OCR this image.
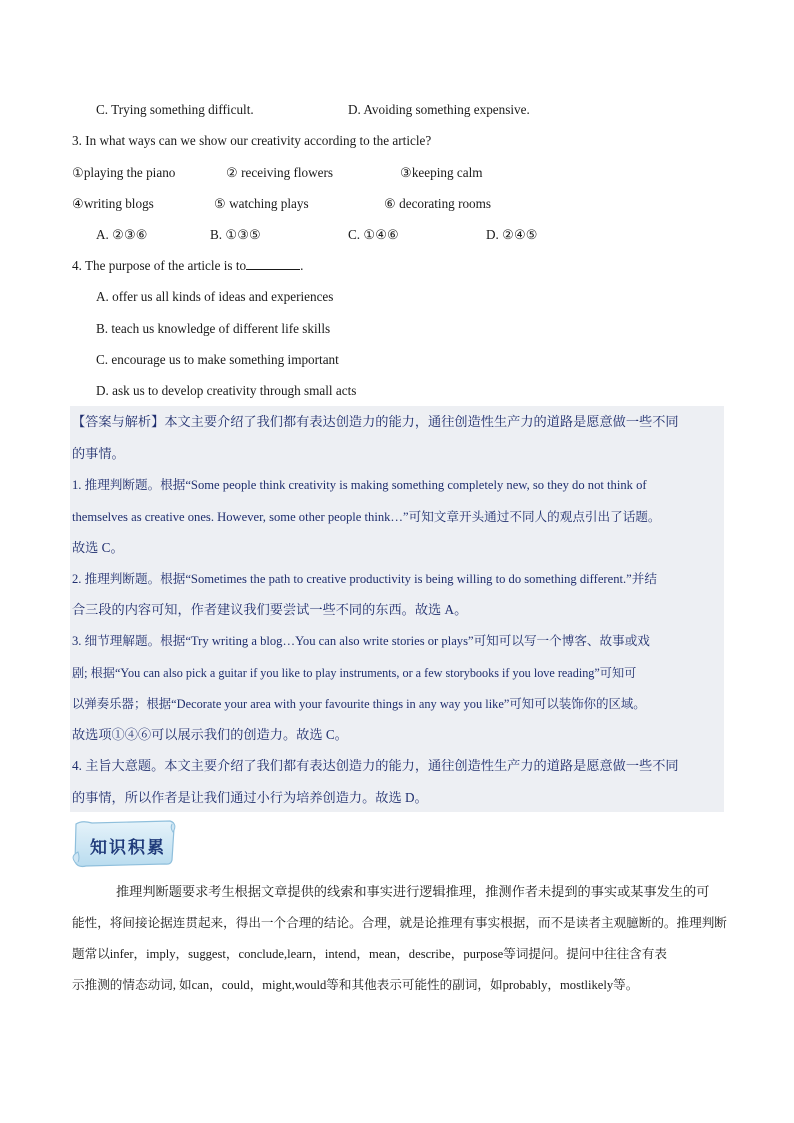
C. Trying something difficult.	D. Avoiding something expensive.
3. In what ways can we show our creativity according to the article?
①playing the piano	② receiving flowers	③keeping calm
④writing blogs	⑤ watching plays	⑥ decorating rooms
A. ②③⑥	B. ①③⑤	C. ①④⑥	D. ②④⑤
4. The purpose of the article is to	.
A. offer us all kinds of ideas and experiences
B. teach us knowledge of different life skills
C. encourage us to make something important
D. ask us to develop creativity through small acts
【答案与解析】本文主要介绍了我们都有表达创造力的能力，通往创造性生产力的道路是愿意做一些不同
的事情。
1. 推理判断题。根据“Some people think creativity is making something completely new, so they do not think of
themselves as creative ones. However, some other people think…”可知文章开头通过不同人的观点引出了话题。
故选 C。
2. 推理判断题。根据“Sometimes the path to creative productivity is being willing to do something different.”并结
合三段的内容可知，作者建议我们要尝试一些不同的东西。故选 A。
3. 细节理解题。根据“Try writing a blog…You can also write stories or plays”可知可以写一个博客、故事或戏
剧; 根据“You can also pick a guitar if you like to play instruments, or a few storybooks if you love reading”可知可
以弹奏乐器；根据“Decorate your area with your favourite things in any way you like”可知可以装饰你的区域。
故选项①④⑥可以展示我们的创造力。故选 C。
4. 主旨大意题。本文主要介绍了我们都有表达创造力的能力，通往创造性生产力的道路是愿意做一些不同
的事情，所以作者是让我们通过小行为培养创造力。故选 D。
知识积累
推理判断题要求考生根据文章提供的线索和事实进行逻辑推理，推测作者未提到的事实或某事发生的可
能性，将间接论据连贯起来，得出一个合理的结论。合理，就是论推理有事实根据，而不是读者主观臆断的。推理判断
题常以infer，imply，suggest，conclude,learn，intend，mean，describe，purpose等词提问。提问中往往含有表
示推测的情态动词, 如can，could，might,would等和其他表示可能性的副词，如probably，mostlikely等。
